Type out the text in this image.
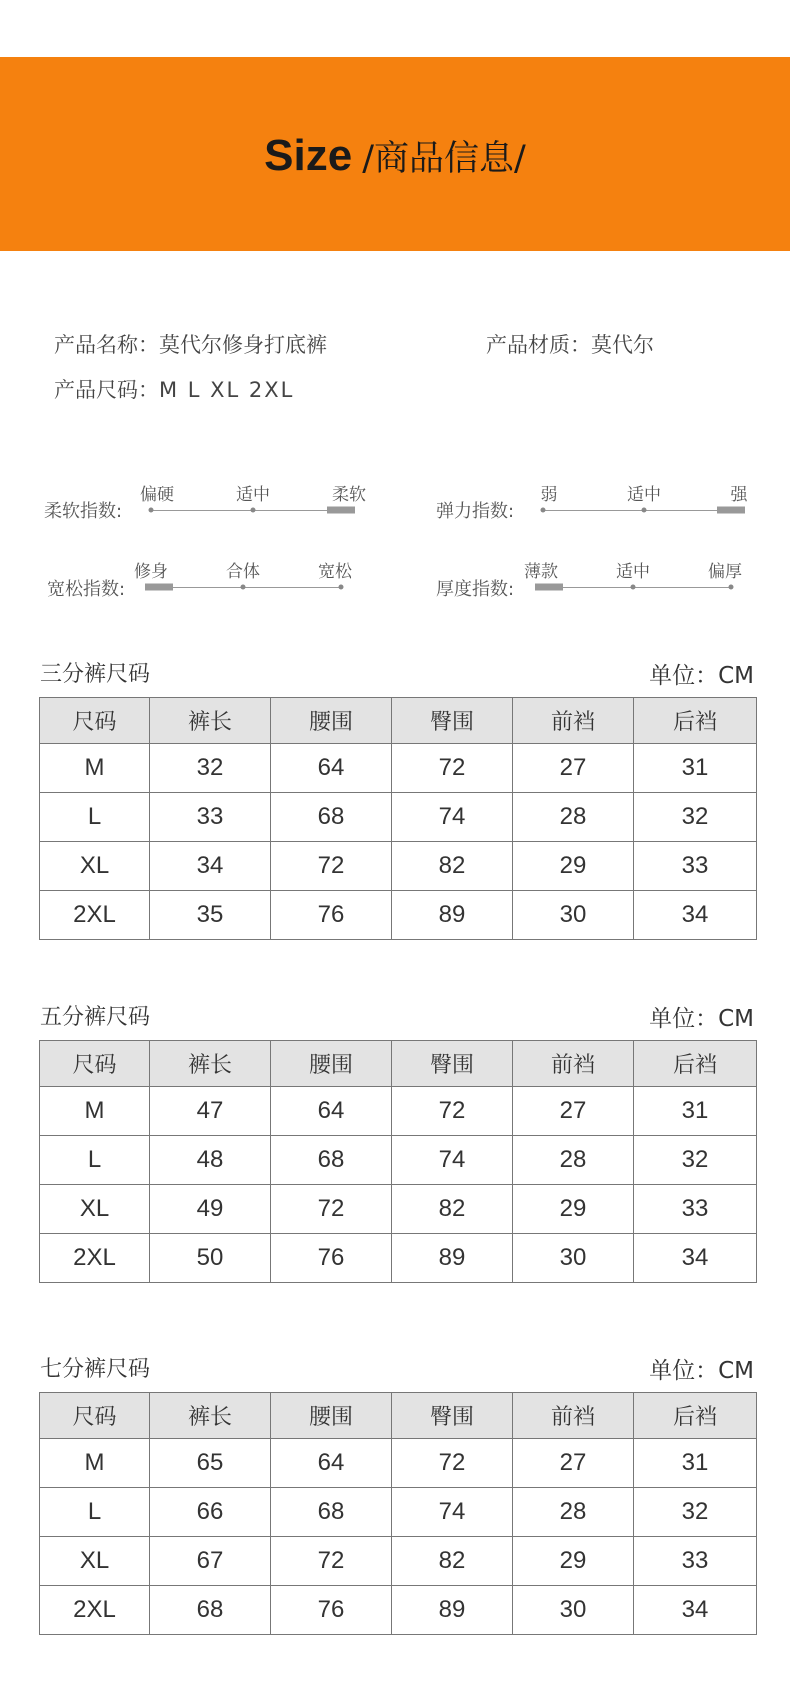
Size /商品信息/
产品名称：莫代尔修身打底裤	产品材质：莫代尔
产品尺码：M L XL 2XL
柔软指数:
偏硬	适中	柔软
弹力指数:
弱	适中	强
宽松指数:
修身	合体	宽松
厚度指数:
薄款	适中	偏厚
三分裤尺码	单位：CM
尺码	裤长	腰围	臀围	前裆	后裆
M	32	64	72	27	31
L	33	68	74	28	32
XL	34	72	82	29	33
2XL	35	76	89	30	34
五分裤尺码	单位：CM
尺码	裤长	腰围	臀围	前裆	后裆
M	47	64	72	27	31
L	48	68	74	28	32
XL	49	72	82	29	33
2XL	50	76	89	30	34
七分裤尺码	单位：CM
尺码	裤长	腰围	臀围	前裆	后裆
M	65	64	72	27	31
L	66	68	74	28	32
XL	67	72	82	29	33
2XL	68	76	89	30	34
